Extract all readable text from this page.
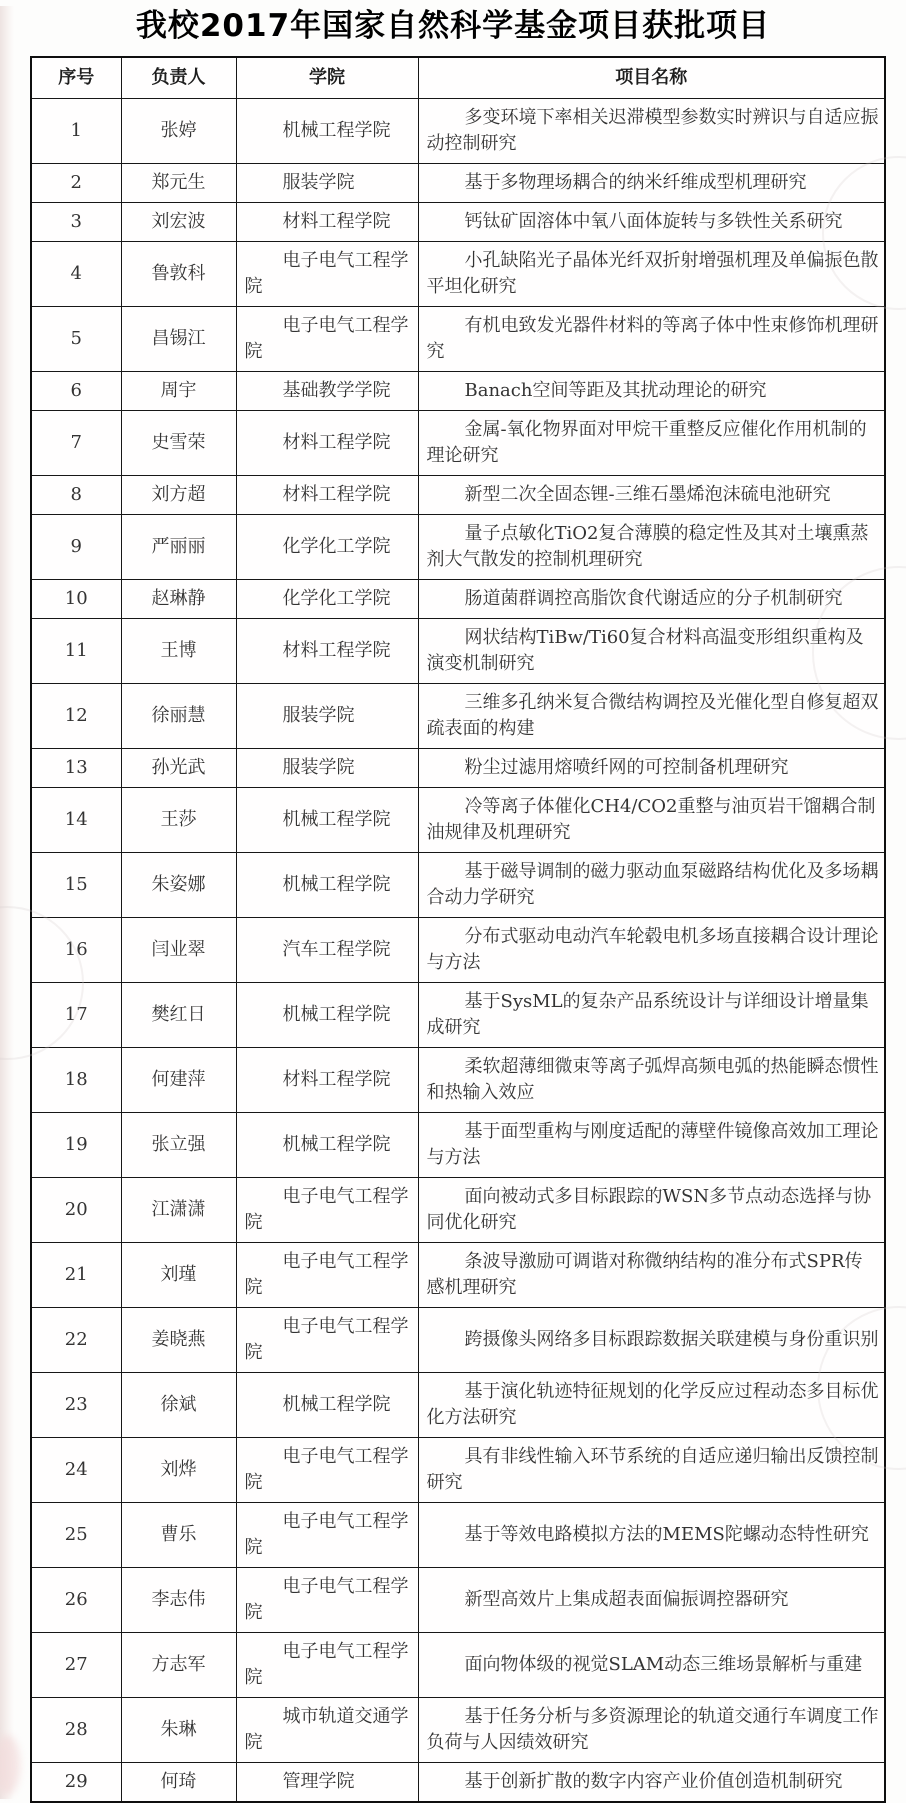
我校2017年国家自然科学基金项目获批项目
序号	负责人	学院	项目名称
1	张婷	机械工程学院	多变环境下率相关迟滞模型参数实时辨识与自适应振动控制研究
2	郑元生	服装学院	基于多物理场耦合的纳米纤维成型机理研究
3	刘宏波	材料工程学院	钙钛矿固溶体中氧八面体旋转与多铁性关系研究
4	鲁敦科	电子电气工程学院	小孔缺陷光子晶体光纤双折射增强机理及单偏振色散平坦化研究
5	昌锡江	电子电气工程学院	有机电致发光器件材料的等离子体中性束修饰机理研究
6	周宇	基础教学学院	Banach空间等距及其扰动理论的研究
7	史雪荣	材料工程学院	金属-氧化物界面对甲烷干重整反应催化作用机制的理论研究
8	刘方超	材料工程学院	新型二次全固态锂-三维石墨烯泡沫硫电池研究
9	严丽丽	化学化工学院	量子点敏化TiO2复合薄膜的稳定性及其对土壤熏蒸剂大气散发的控制机理研究
10	赵琳静	化学化工学院	肠道菌群调控高脂饮食代谢适应的分子机制研究
11	王博	材料工程学院	网状结构TiBw/Ti60复合材料高温变形组织重构及演变机制研究
12	徐丽慧	服装学院	三维多孔纳米复合微结构调控及光催化型自修复超双疏表面的构建
13	孙光武	服装学院	粉尘过滤用熔喷纤网的可控制备机理研究
14	王莎	机械工程学院	冷等离子体催化CH4/CO2重整与油页岩干馏耦合制油规律及机理研究
15	朱姿娜	机械工程学院	基于磁导调制的磁力驱动血泵磁路结构优化及多场耦合动力学研究
16	闫业翠	汽车工程学院	分布式驱动电动汽车轮毂电机多场直接耦合设计理论与方法
17	樊红日	机械工程学院	基于SysML的复杂产品系统设计与详细设计增量集成研究
18	何建萍	材料工程学院	柔软超薄细微束等离子弧焊高频电弧的热能瞬态惯性和热输入效应
19	张立强	机械工程学院	基于面型重构与刚度适配的薄壁件镜像高效加工理论与方法
20	江潇潇	电子电气工程学院	面向被动式多目标跟踪的WSN多节点动态选择与协同优化研究
21	刘瑾	电子电气工程学院	条波导激励可调谐对称微纳结构的准分布式SPR传感机理研究
22	姜晓燕	电子电气工程学院	跨摄像头网络多目标跟踪数据关联建模与身份重识别
23	徐斌	机械工程学院	基于演化轨迹特征规划的化学反应过程动态多目标优化方法研究
24	刘烨	电子电气工程学院	具有非线性输入环节系统的自适应递归输出反馈控制研究
25	曹乐	电子电气工程学院	基于等效电路模拟方法的MEMS陀螺动态特性研究
26	李志伟	电子电气工程学院	新型高效片上集成超表面偏振调控器研究
27	方志军	电子电气工程学院	面向物体级的视觉SLAM动态三维场景解析与重建
28	朱琳	城市轨道交通学院	基于任务分析与多资源理论的轨道交通行车调度工作负荷与人因绩效研究
29	何琦	管理学院	基于创新扩散的数字内容产业价值创造机制研究
